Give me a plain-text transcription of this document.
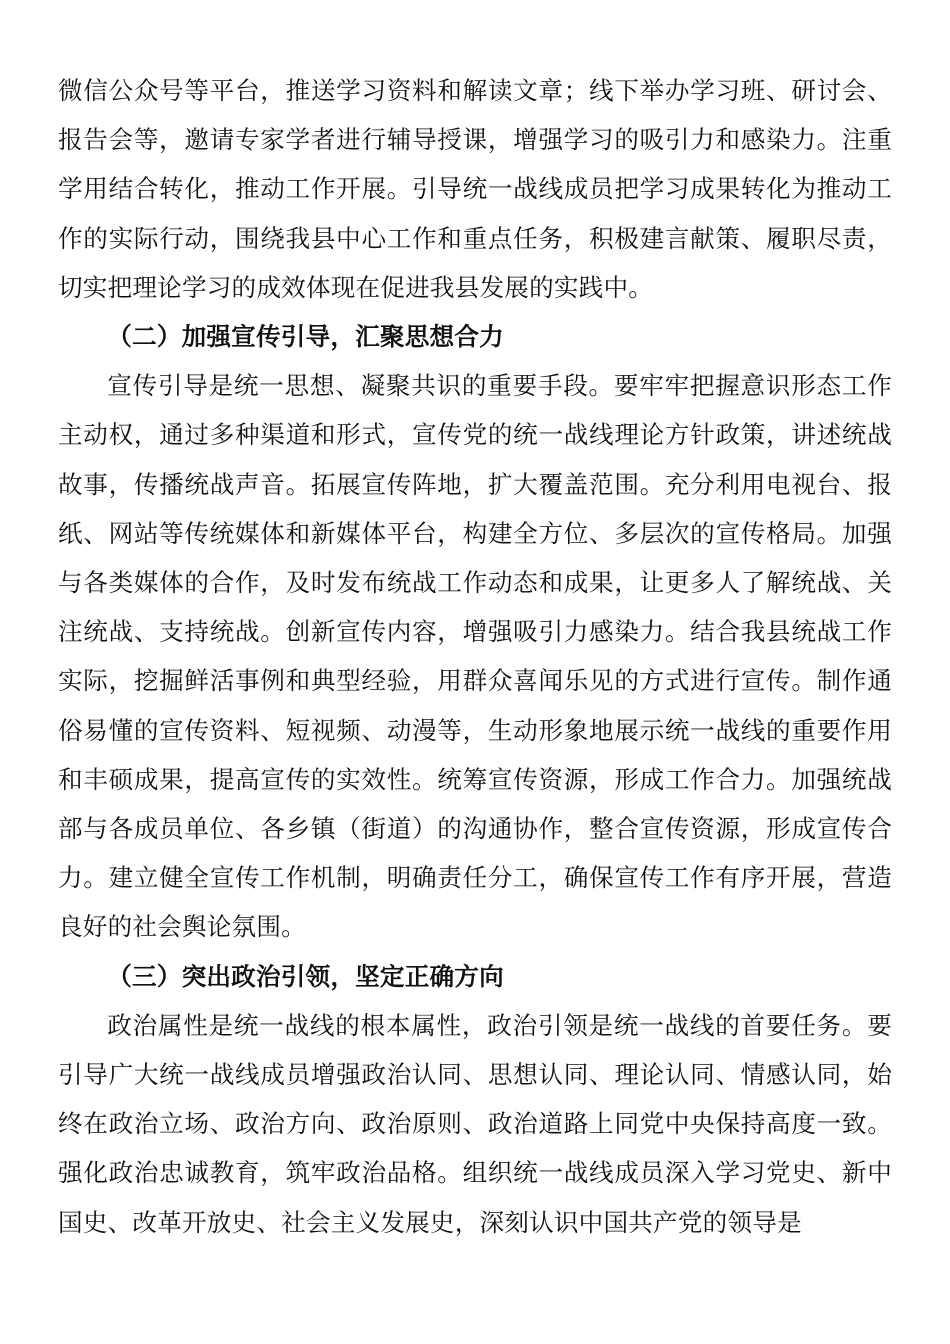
微信公众号等平台，推送学习资料和解读文章；线下举办学习班、研讨会、报告会等，邀请专家学者进行辅导授课，增强学习的吸引力和感染力。注重学用结合转化，推动工作开展。引导统一战线成员把学习成果转化为推动工作的实际行动，围绕我县中心工作和重点任务，积极建言献策、履职尽责，切实把理论学习的成效体现在促进我县发展的实践中。

（二）加强宣传引导，汇聚思想合力

宣传引导是统一思想、凝聚共识的重要手段。要牢牢把握意识形态工作主动权，通过多种渠道和形式，宣传党的统一战线理论方针政策，讲述统战故事，传播统战声音。拓展宣传阵地，扩大覆盖范围。充分利用电视台、报纸、网站等传统媒体和新媒体平台，构建全方位、多层次的宣传格局。加强与各类媒体的合作，及时发布统战工作动态和成果，让更多人了解统战、关注统战、支持统战。创新宣传内容，增强吸引力感染力。结合我县统战工作实际，挖掘鲜活事例和典型经验，用群众喜闻乐见的方式进行宣传。制作通俗易懂的宣传资料、短视频、动漫等，生动形象地展示统一战线的重要作用和丰硕成果，提高宣传的实效性。统筹宣传资源，形成工作合力。加强统战部与各成员单位、各乡镇（街道）的沟通协作，整合宣传资源，形成宣传合力。建立健全宣传工作机制，明确责任分工，确保宣传工作有序开展，营造良好的社会舆论氛围。

（三）突出政治引领，坚定正确方向

政治属性是统一战线的根本属性，政治引领是统一战线的首要任务。要引导广大统一战线成员增强政治认同、思想认同、理论认同、情感认同，始终在政治立场、政治方向、政治原则、政治道路上同党中央保持高度一致。强化政治忠诚教育，筑牢政治品格。组织统一战线成员深入学习党史、新中国史、改革开放史、社会主义发展史，深刻认识中国共产党的领导是
